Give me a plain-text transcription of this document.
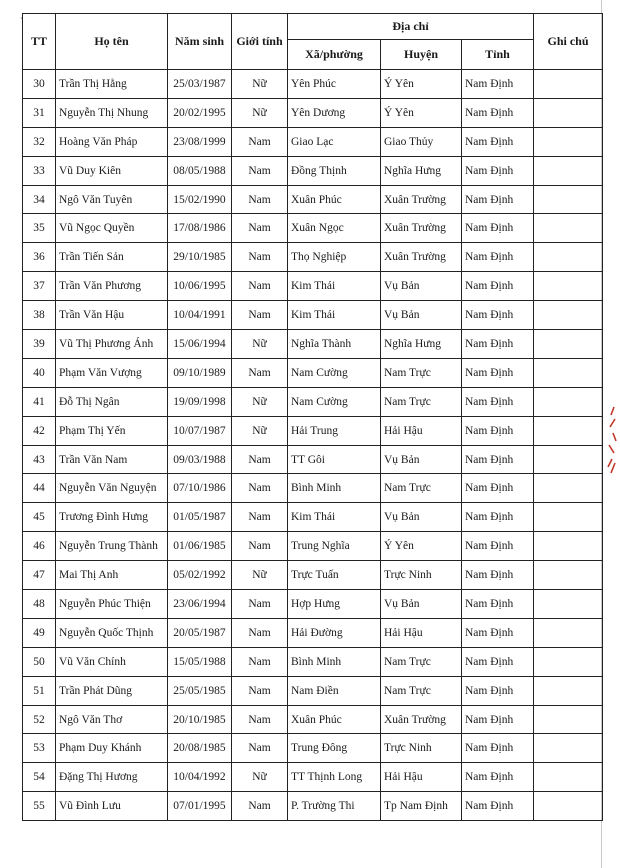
`
TT	Họ tên	Năm sinh	Giới tính	Địa chỉ			Ghi chú
				Xã/phường	Huyện	Tỉnh	
30	Trần Thị Hằng	25/03/1987	Nữ	Yên Phúc	Ý Yên	Nam Định	
31	Nguyễn Thị Nhung	20/02/1995	Nữ	Yên Dương	Ý Yên	Nam Định	
32	Hoàng Văn Pháp	23/08/1999	Nam	Giao Lạc	Giao Thủy	Nam Định	
33	Vũ Duy Kiên	08/05/1988	Nam	Đồng Thịnh	Nghĩa Hưng	Nam Định	
34	Ngô Văn Tuyên	15/02/1990	Nam	Xuân Phúc	Xuân Trường	Nam Định	
35	Vũ Ngọc Quyền	17/08/1986	Nam	Xuân Ngọc	Xuân Trường	Nam Định	
36	Trần Tiến Sản	29/10/1985	Nam	Thọ Nghiệp	Xuân Trường	Nam Định	
37	Trần Văn Phương	10/06/1995	Nam	Kim Thái	Vụ Bản	Nam Định	
38	Trần Văn Hậu	10/04/1991	Nam	Kim Thái	Vụ Bản	Nam Định	
39	Vũ Thị Phương Ánh	15/06/1994	Nữ	Nghĩa Thành	Nghĩa Hưng	Nam Định	
40	Phạm Văn Vượng	09/10/1989	Nam	Nam Cường	Nam Trực	Nam Định	
41	Đỗ Thị Ngân	19/09/1998	Nữ	Nam Cường	Nam Trực	Nam Định	
42	Phạm Thị Yến	10/07/1987	Nữ	Hải Trung	Hải Hậu	Nam Định	
43	Trần Văn Nam	09/03/1988	Nam	TT Gôi	Vụ Bản	Nam Định	
44	Nguyễn Văn Nguyện	07/10/1986	Nam	Bình Minh	Nam Trực	Nam Định	
45	Trương Đình Hưng	01/05/1987	Nam	Kim Thái	Vụ Bản	Nam Định	
46	Nguyễn Trung Thành	01/06/1985	Nam	Trung Nghĩa	Ý Yên	Nam Định	
47	Mai Thị Anh	05/02/1992	Nữ	Trực Tuấn	Trực Ninh	Nam Định	
48	Nguyễn Phúc Thiện	23/06/1994	Nam	Hợp Hưng	Vụ Bản	Nam Định	
49	Nguyễn Quốc Thịnh	20/05/1987	Nam	Hải Đường	Hải Hậu	Nam Định	
50	Vũ Văn Chính	15/05/1988	Nam	Bình Minh	Nam Trực	Nam Định	
51	Trần Phát Dũng	25/05/1985	Nam	Nam Điền	Nam Trực	Nam Định	
52	Ngô Văn Thơ	20/10/1985	Nam	Xuân Phúc	Xuân Trường	Nam Định	
53	Phạm Duy Khánh	20/08/1985	Nam	Trung Đông	Trực Ninh	Nam Định	
54	Đặng Thị Hương	10/04/1992	Nữ	TT Thịnh Long	Hải Hậu	Nam Định	
55	Vũ Đình Lưu	07/01/1995	Nam	P. Trường Thi	Tp Nam Định	Nam Định	
